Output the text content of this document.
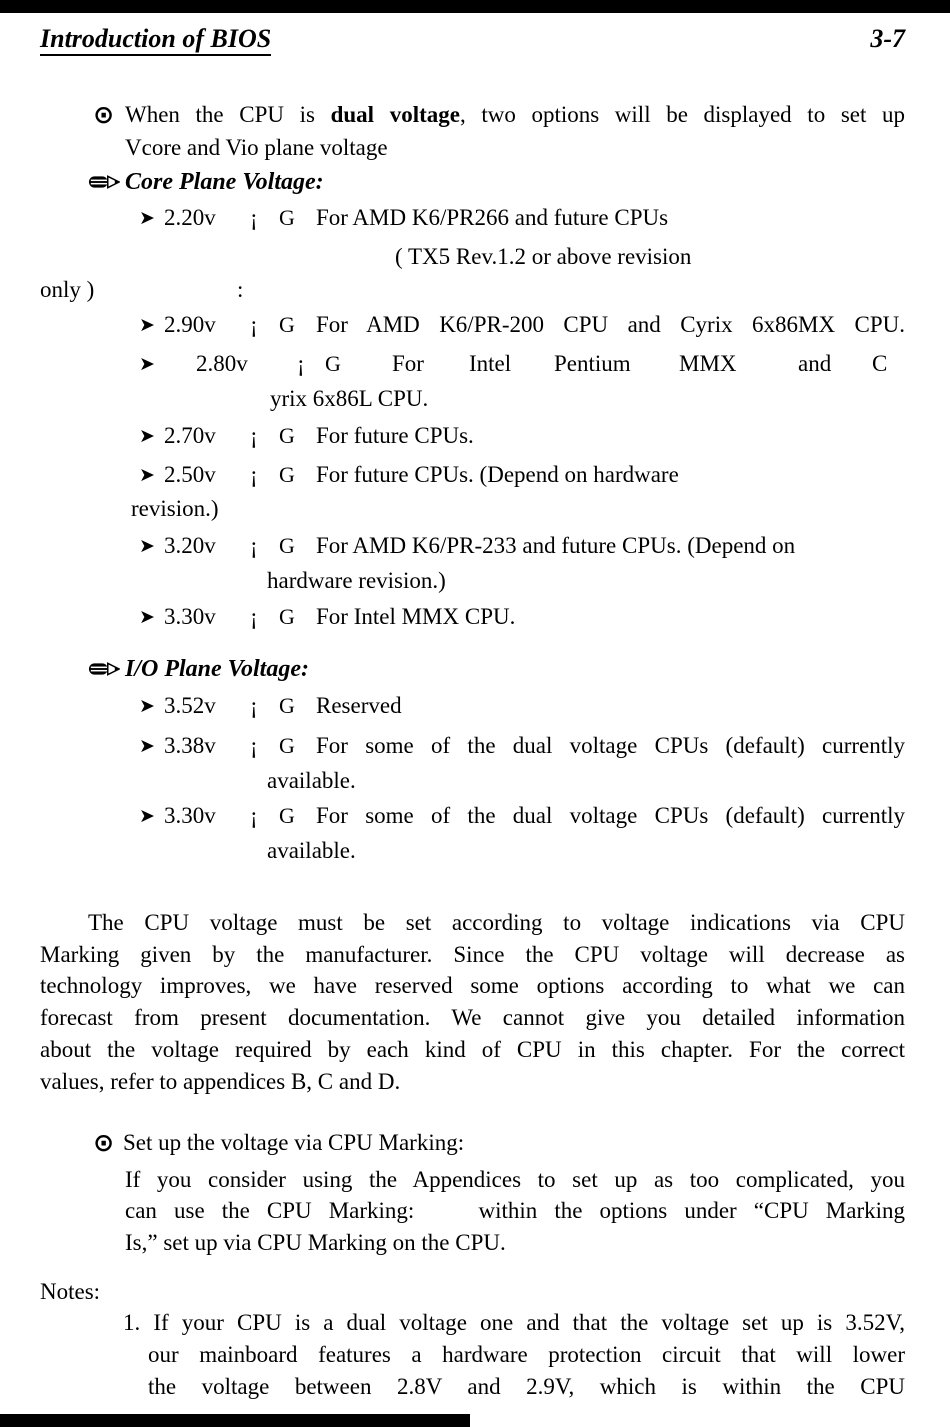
Introduction of BIOS	3-7
⊙ When the CPU is dual voltage, two options will be displayed to set up
Vcore and Vio plane voltage
Core Plane Voltage:
➤ 2.20v ¡ G For AMD K6/PR266 and future CPUs
( TX5 Rev.1.2 or above revision
only )	:
➤ 2.90v ¡ G For AMD K6/PR-200 CPU and Cyrix 6x86MX CPU.
➤ 2.80v ¡ G For Intel Pentium MMX	and C
yrix 6x86L CPU.
➤ 2.70v ¡ G For future CPUs.
➤ 2.50v ¡ G For future CPUs. (Depend on hardware
revision.)
➤ 3.20v ¡ G For AMD K6/PR-233 and future CPUs. (Depend on
hardware revision.)
➤ 3.30v ¡ G For Intel MMX CPU.
I/O Plane Voltage:
➤ 3.52v ¡ G Reserved
➤ 3.38v ¡ G For some of the dual voltage CPUs (default) currently
available.
➤ 3.30v ¡ G For some of the dual voltage CPUs (default) currently
available.
The CPU voltage must be set according to voltage indications via CPU
Marking given by the manufacturer. Since the CPU voltage will decrease as
technology improves, we have reserved some options according to what we can
forecast from present documentation. We cannot give you detailed information
about the voltage required by each kind of CPU in this chapter. For the correct
values, refer to appendices B, C and D.
⊙ Set up the voltage via CPU Marking:
If you consider using the Appendices to set up as too complicated, you
can use the CPU Marking:	within the options under “CPU Marking
Is,” set up via CPU Marking on the CPU.
Notes:
1. If your CPU is a dual voltage one and that the voltage set up is 3.52V,
our mainboard features a hardware protection circuit that will lower
the voltage between 2.8V and 2.9V, which is within the CPU
